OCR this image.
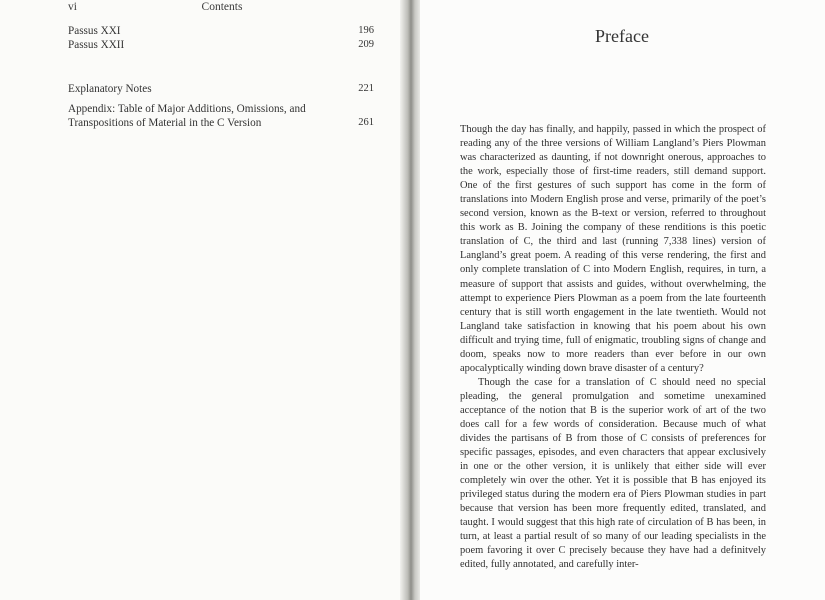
vi	Contents
Passus XXI	196
Passus XXII	209
Explanatory Notes	221
Appendix: Table of Major Additions, Omissions, and Transpositions of Material in the C Version	261
Preface

Though the day has finally, and happily, passed in which the prospect of reading any of the three versions of William Langland’s Piers Plowman was characterized as daunting, if not downright onerous, approaches to the work, especially those of first-time readers, still demand support. One of the first gestures of such support has come in the form of translations into Modern English prose and verse, primarily of the poet’s second version, known as the B-text or version, referred to throughout this work as B. Joining the company of these renditions is this poetic translation of C, the third and last (running 7,338 lines) version of Langland’s great poem. A reading of this verse rendering, the first and only complete translation of C into Modern English, requires, in turn, a measure of support that assists and guides, without overwhelming, the attempt to experience Piers Plowman as a poem from the late fourteenth century that is still worth engagement in the late twentieth. Would not Langland take satisfaction in knowing that his poem about his own difficult and trying time, full of enigmatic, troubling signs of change and doom, speaks now to more readers than ever before in our own apocalyptically winding down brave disaster of a century?

Though the case for a translation of C should need no special pleading, the general promulgation and sometime unexamined acceptance of the notion that B is the superior work of art of the two does call for a few words of consideration. Because much of what divides the partisans of B from those of C consists of preferences for specific passages, episodes, and even characters that appear exclusively in one or the other version, it is unlikely that either side will ever completely win over the other. Yet it is possible that B has enjoyed its privileged status during the modern era of Piers Plowman studies in part because that version has been more frequently edited, translated, and taught. I would suggest that this high rate of circulation of B has been, in turn, at least a partial result of so many of our leading specialists in the poem favoring it over C precisely because they have had a definitvely edited, fully annotated, and carefully inter-
